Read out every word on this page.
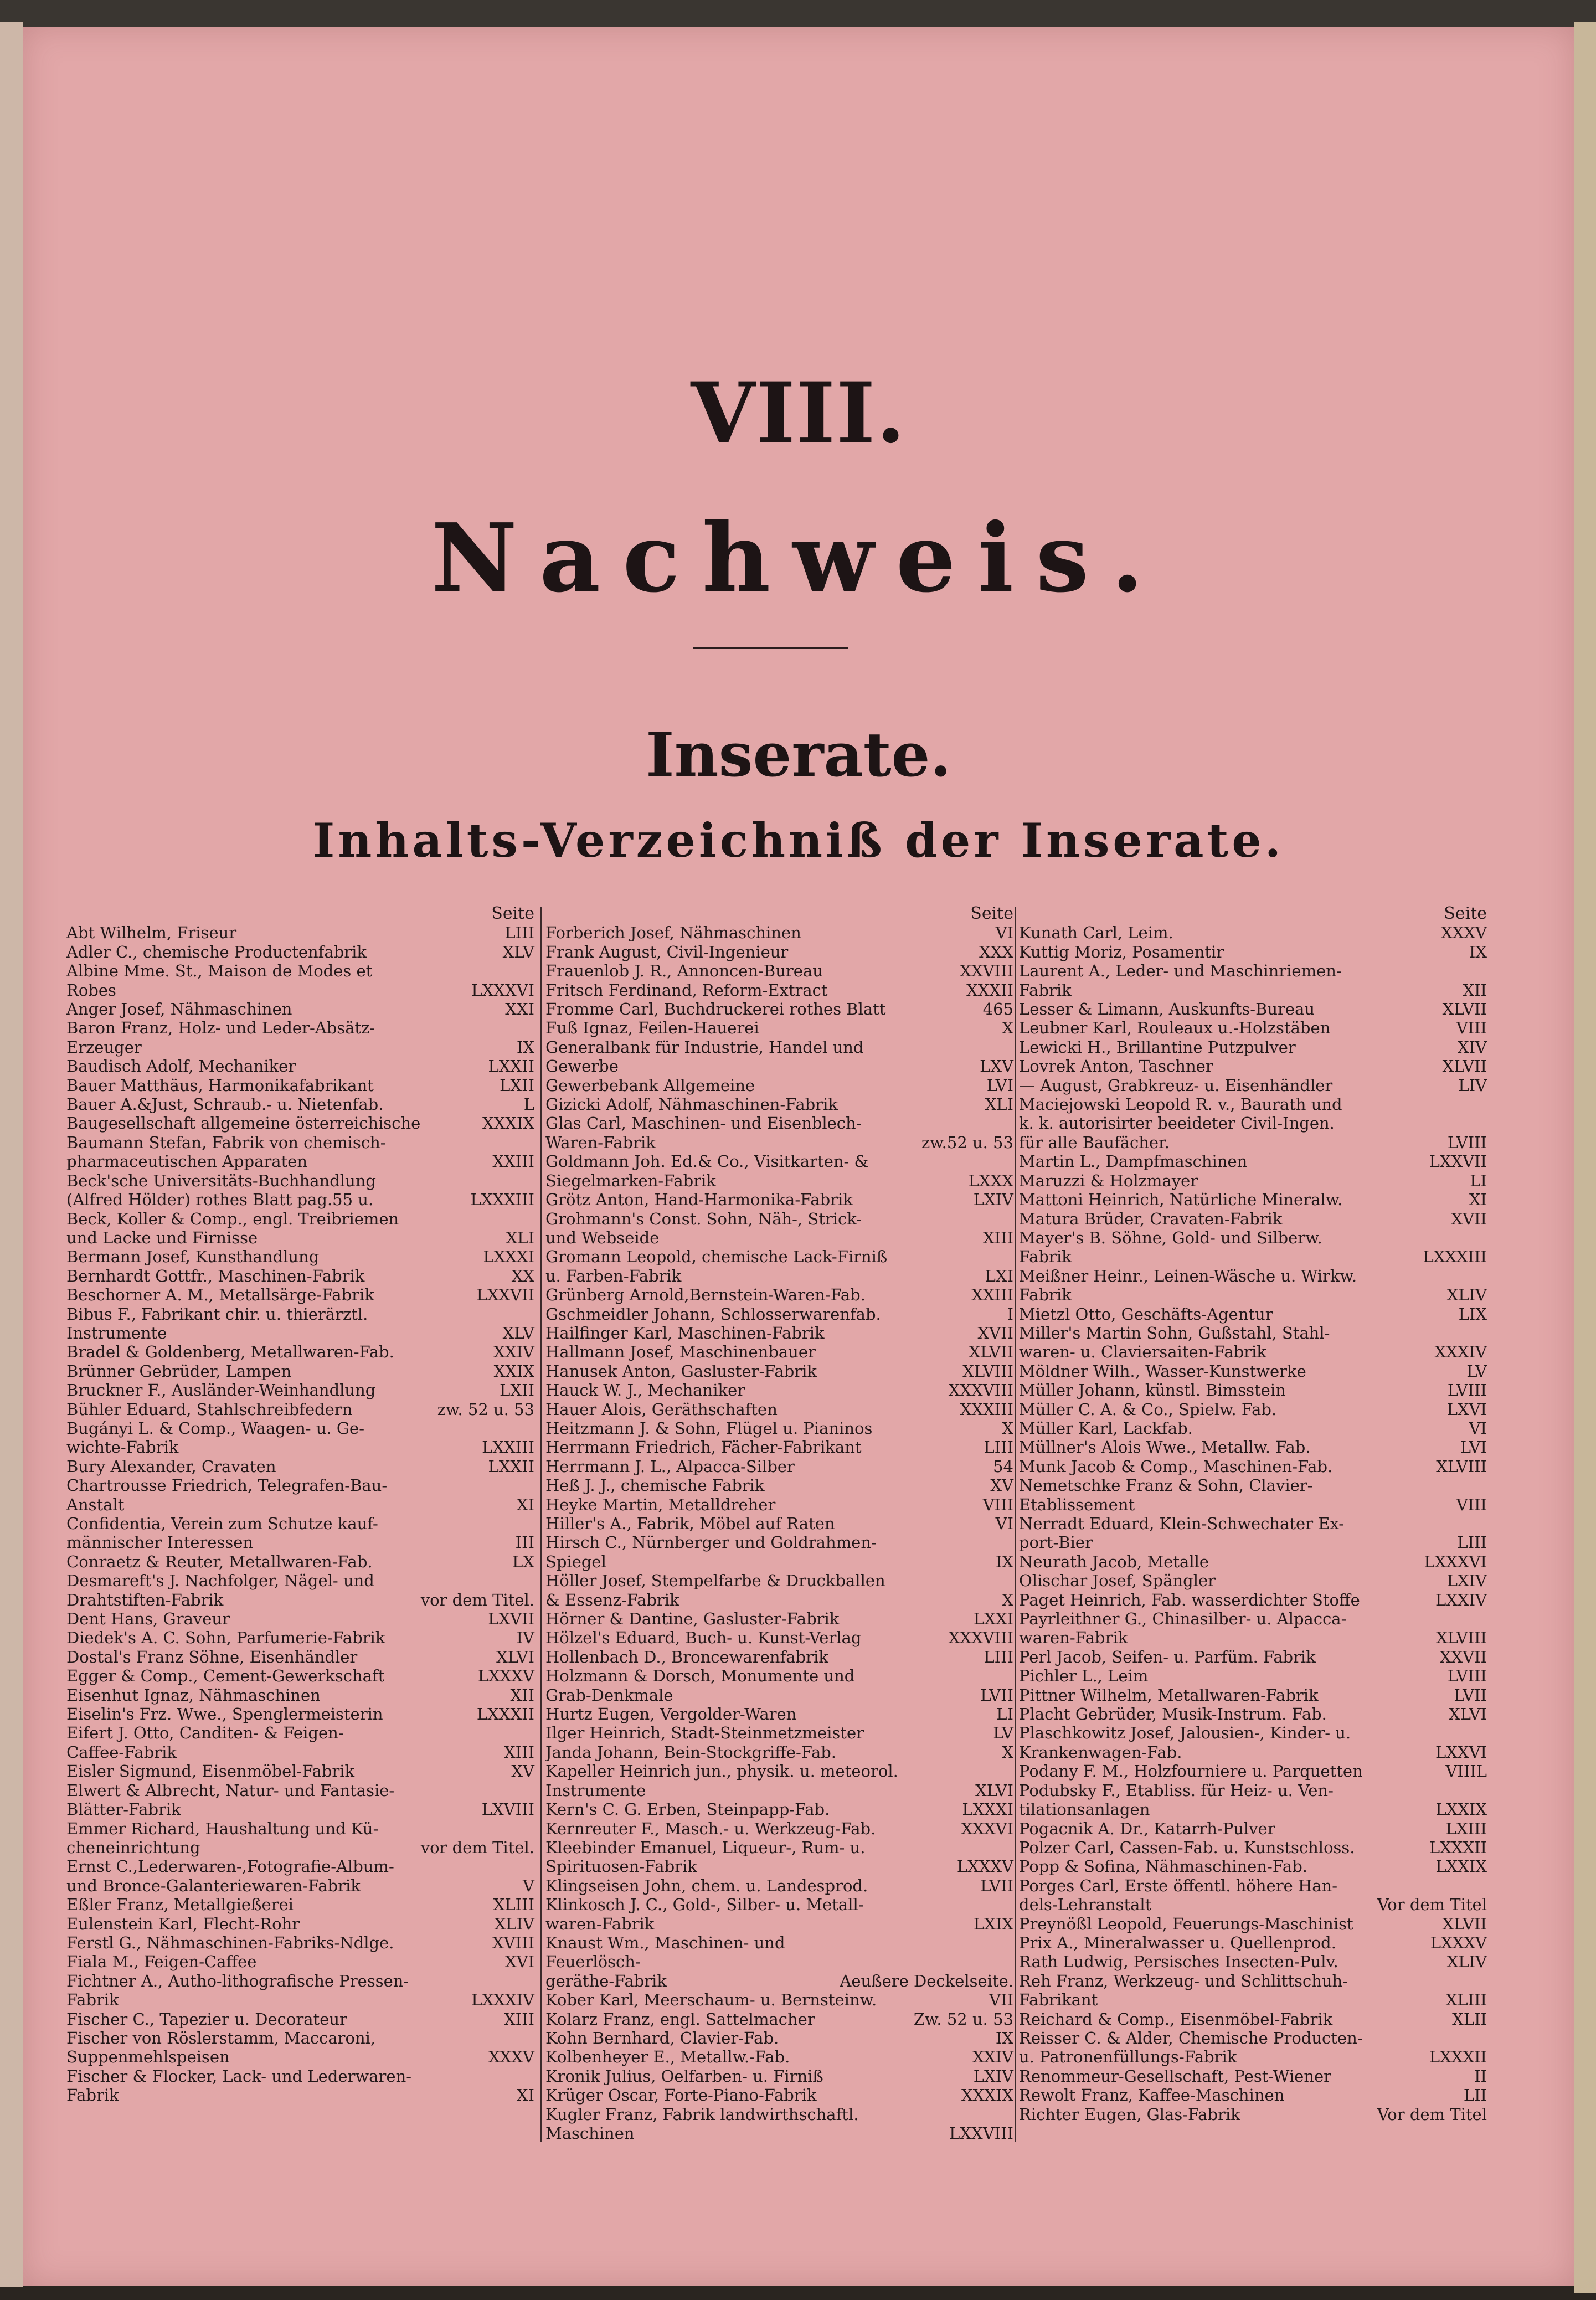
VIII.
Nachweis.
Inserate.
Inhalts-Verzeichniß der Inserate.
Seite
Abt Wilhelm, Friseur	LIII
Adler C., chemische Productenfabrik	XLV
Albine Mme. St., Maison de Modes et
Robes	LXXXVI
Anger Josef, Nähmaschinen	XXI
Baron Franz, Holz- und Leder-Absätz-
Erzeuger	IX
Baudisch Adolf, Mechaniker	LXXII
Bauer Matthäus, Harmonikafabrikant	LXII
Bauer A.&Just, Schraub.- u. Nietenfab.	L
Baugesellschaft allgemeine österreichische	XXXIX
Baumann Stefan, Fabrik von chemisch-
pharmaceutischen Apparaten	XXIII
Beck'sche Universitäts-Buchhandlung
(Alfred Hölder) rothes Blatt pag.55 u.	LXXXIII
Beck, Koller & Comp., engl. Treibriemen
und Lacke und Firnisse	XLI
Bermann Josef, Kunsthandlung	LXXXI
Bernhardt Gottfr., Maschinen-Fabrik	XX
Beschorner A. M., Metallsärge-Fabrik	LXXVII
Bibus F., Fabrikant chir. u. thierärztl.
Instrumente	XLV
Bradel & Goldenberg, Metallwaren-Fab.	XXIV
Brünner Gebrüder, Lampen	XXIX
Bruckner F., Ausländer-Weinhandlung	LXII
Bühler Eduard, Stahlschreibfedern	zw. 52 u. 53
Bugányi L. & Comp., Waagen- u. Ge-
wichte-Fabrik	LXXIII
Bury Alexander, Cravaten	LXXII
Chartrousse Friedrich, Telegrafen-Bau-
Anstalt	XI
Confidentia, Verein zum Schutze kauf-
männischer Interessen	III
Conraetz & Reuter, Metallwaren-Fab.	LX
Desmareft's J. Nachfolger, Nägel- und
Drahtstiften-Fabrik	vor dem Titel.
Dent Hans, Graveur	LXVII
Diedek's A. C. Sohn, Parfumerie-Fabrik	IV
Dostal's Franz Söhne, Eisenhändler	XLVI
Egger & Comp., Cement-Gewerkschaft	LXXXV
Eisenhut Ignaz, Nähmaschinen	XII
Eiselin's Frz. Wwe., Spenglermeisterin	LXXXII
Eifert J. Otto, Canditen- & Feigen-
Caffee-Fabrik	XIII
Eisler Sigmund, Eisenmöbel-Fabrik	XV
Elwert & Albrecht, Natur- und Fantasie-
Blätter-Fabrik	LXVIII
Emmer Richard, Haushaltung und Kü-
cheneinrichtung	vor dem Titel.
Ernst C.,Lederwaren-,Fotografie-Album-
und Bronce-Galanteriewaren-Fabrik	V
Eßler Franz, Metallgießerei	XLIII
Eulenstein Karl, Flecht-Rohr	XLIV
Ferstl G., Nähmaschinen-Fabriks-Ndlge.	XVIII
Fiala M., Feigen-Caffee	XVI
Fichtner A., Autho-lithografische Pressen-
Fabrik	LXXXIV
Fischer C., Tapezier u. Decorateur	XIII
Fischer von Röslerstamm, Maccaroni,
Suppenmehlspeisen	XXXV
Fischer & Flocker, Lack- und Lederwaren-
Fabrik	XI
Seite
Forberich Josef, Nähmaschinen	VI
Frank August, Civil-Ingenieur	XXX
Frauenlob J. R., Annoncen-Bureau	XXVIII
Fritsch Ferdinand, Reform-Extract	XXXII
Fromme Carl, Buchdruckerei rothes Blatt	465
Fuß Ignaz, Feilen-Hauerei	X
Generalbank für Industrie, Handel und
Gewerbe	LXV
Gewerbebank Allgemeine	LVI
Gizicki Adolf, Nähmaschinen-Fabrik	XLI
Glas Carl, Maschinen- und Eisenblech-
Waren-Fabrik	zw.52 u. 53
Goldmann Joh. Ed.& Co., Visitkarten- &
Siegelmarken-Fabrik	LXXX
Grötz Anton, Hand-Harmonika-Fabrik	LXIV
Grohmann's Const. Sohn, Näh-, Strick-
und Webseide	XIII
Gromann Leopold, chemische Lack-Firniß
u. Farben-Fabrik	LXI
Grünberg Arnold,Bernstein-Waren-Fab.	XXIII
Gschmeidler Johann, Schlosserwarenfab.	I
Hailfinger Karl, Maschinen-Fabrik	XVII
Hallmann Josef, Maschinenbauer	XLVII
Hanusek Anton, Gasluster-Fabrik	XLVIII
Hauck W. J., Mechaniker	XXXVIII
Hauer Alois, Geräthschaften	XXXIII
Heitzmann J. & Sohn, Flügel u. Pianinos	X
Herrmann Friedrich, Fächer-Fabrikant	LIII
Herrmann J. L., Alpacca-Silber	54
Heß J. J., chemische Fabrik	XV
Heyke Martin, Metalldreher	VIII
Hiller's A., Fabrik, Möbel auf Raten	VI
Hirsch C., Nürnberger und Goldrahmen-
Spiegel	IX
Höller Josef, Stempelfarbe & Druckballen
& Essenz-Fabrik	X
Hörner & Dantine, Gasluster-Fabrik	LXXI
Hölzel's Eduard, Buch- u. Kunst-Verlag	XXXVIII
Hollenbach D., Broncewarenfabrik	LIII
Holzmann & Dorsch, Monumente und
Grab-Denkmale	LVII
Hurtz Eugen, Vergolder-Waren	LI
Ilger Heinrich, Stadt-Steinmetzmeister	LV
Janda Johann, Bein-Stockgriffe-Fab.	X
Kapeller Heinrich jun., physik. u. meteorol.
Instrumente	XLVI
Kern's C. G. Erben, Steinpapp-Fab.	LXXXI
Kernreuter F., Masch.- u. Werkzeug-Fab.	XXXVI
Kleebinder Emanuel, Liqueur-, Rum- u.
Spirituosen-Fabrik	LXXXV
Klingseisen John, chem. u. Landesprod.	LVII
Klinkosch J. C., Gold-, Silber- u. Metall-
waren-Fabrik	LXIX
Knaust Wm., Maschinen- und Feuerlösch-
geräthe-Fabrik	Aeußere Deckelseite.
Kober Karl, Meerschaum- u. Bernsteinw.	VII
Kolarz Franz, engl. Sattelmacher	Zw. 52 u. 53
Kohn Bernhard, Clavier-Fab.	IX
Kolbenheyer E., Metallw.-Fab.	XXIV
Kronik Julius, Oelfarben- u. Firniß	LXIV
Krüger Oscar, Forte-Piano-Fabrik	XXXIX
Kugler Franz, Fabrik landwirthschaftl.
Maschinen	LXXVIII
Seite
Kunath Carl, Leim.	XXXV
Kuttig Moriz, Posamentir	IX
Laurent A., Leder- und Maschinriemen-
Fabrik	XII
Lesser & Limann, Auskunfts-Bureau	XLVII
Leubner Karl, Rouleaux u.-Holzstäben	VIII
Lewicki H., Brillantine Putzpulver	XIV
Lovrek Anton, Taschner	XLVII
— August, Grabkreuz- u. Eisenhändler	LIV
Maciejowski Leopold R. v., Baurath und
k. k. autorisirter beeideter Civil-Ingen.
für alle Baufächer.	LVIII
Martin L., Dampfmaschinen	LXXVII
Maruzzi & Holzmayer	LI
Mattoni Heinrich, Natürliche Mineralw.	XI
Matura Brüder, Cravaten-Fabrik	XVII
Mayer's B. Söhne, Gold- und Silberw.
Fabrik	LXXXIII
Meißner Heinr., Leinen-Wäsche u. Wirkw.
Fabrik	XLIV
Mietzl Otto, Geschäfts-Agentur	LIX
Miller's Martin Sohn, Gußstahl, Stahl-
waren- u. Claviersaiten-Fabrik	XXXIV
Möldner Wilh., Wasser-Kunstwerke	LV
Müller Johann, künstl. Bimsstein	LVIII
Müller C. A. & Co., Spielw. Fab.	LXVI
Müller Karl, Lackfab.	VI
Müllner's Alois Wwe., Metallw. Fab.	LVI
Munk Jacob & Comp., Maschinen-Fab.	XLVIII
Nemetschke Franz & Sohn, Clavier-
Etablissement	VIII
Nerradt Eduard, Klein-Schwechater Ex-
port-Bier	LIII
Neurath Jacob, Metalle	LXXXVI
Olischar Josef, Spängler	LXIV
Paget Heinrich, Fab. wasserdichter Stoffe	LXXIV
Payrleithner G., Chinasilber- u. Alpacca-
waren-Fabrik	XLVIII
Perl Jacob, Seifen- u. Parfüm. Fabrik	XXVII
Pichler L., Leim	LVIII
Pittner Wilhelm, Metallwaren-Fabrik	LVII
Placht Gebrüder, Musik-Instrum. Fab.	XLVI
Plaschkowitz Josef, Jalousien-, Kinder- u.
Krankenwagen-Fab.	LXXVI
Podany F. M., Holzfourniere u. Parquetten	VIIIL
Podubsky F., Etabliss. für Heiz- u. Ven-
tilationsanlagen	LXXIX
Pogacnik A. Dr., Katarrh-Pulver	LXIII
Polzer Carl, Cassen-Fab. u. Kunstschloss.	LXXXII
Popp & Sofina, Nähmaschinen-Fab.	LXXIX
Porges Carl, Erste öffentl. höhere Han-
dels-Lehranstalt	Vor dem Titel
Preynößl Leopold, Feuerungs-Maschinist	XLVII
Prix A., Mineralwasser u. Quellenprod.	LXXXV
Rath Ludwig, Persisches Insecten-Pulv.	XLIV
Reh Franz, Werkzeug- und Schlittschuh-
Fabrikant	XLIII
Reichard & Comp., Eisenmöbel-Fabrik	XLII
Reisser C. & Alder, Chemische Producten-
u. Patronenfüllungs-Fabrik	LXXXII
Renommeur-Gesellschaft, Pest-Wiener	II
Rewolt Franz, Kaffee-Maschinen	LII
Richter Eugen, Glas-Fabrik	Vor dem Titel
